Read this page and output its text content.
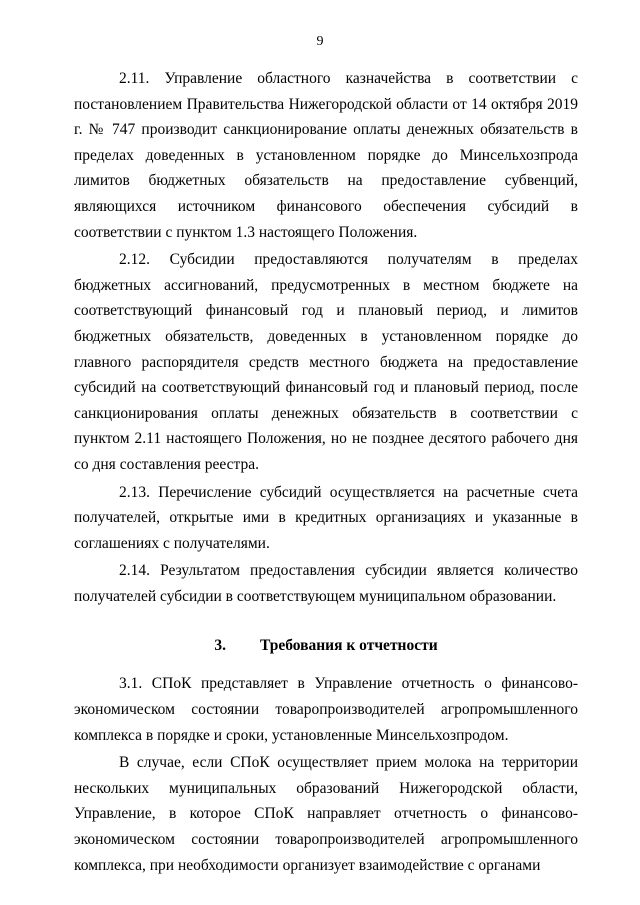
9

2.11. Управление областного казначейства в соответствии с постановлением Правительства Нижегородской области от 14 октября 2019 г. № 747 производит санкционирование оплаты денежных обязательств в пределах доведенных в установленном порядке до Минсельхозпрода лимитов бюджетных обязательств на предоставление субвенций, являющихся источником финансового обеспечения субсидий в соответствии с пунктом 1.3 настоящего Положения.

2.12. Субсидии предоставляются получателям в пределах бюджетных ассигнований, предусмотренных в местном бюджете на соответствующий финансовый год и плановый период, и лимитов бюджетных обязательств, доведенных в установленном порядке до главного распорядителя средств местного бюджета на предоставление субсидий на соответствующий финансовый год и плановый период, после санкционирования оплаты денежных обязательств в соответствии с пунктом 2.11 настоящего Положения, но не позднее десятого рабочего дня со дня составления реестра.

2.13. Перечисление субсидий осуществляется на расчетные счета получателей, открытые ими в кредитных организациях и указанные в соглашениях с получателями.

2.14. Результатом предоставления субсидии является количество получателей субсидии в соответствующем муниципальном образовании.

3. Требования к отчетности

3.1. СПоК представляет в Управление отчетность о финансово-экономическом состоянии товаропроизводителей агропромышленного комплекса в порядке и сроки, установленные Минсельхозпродом.

В случае, если СПоК осуществляет прием молока на территории нескольких муниципальных образований Нижегородской области, Управление, в которое СПоК направляет отчетность о финансово-экономическом состоянии товаропроизводителей агропромышленного комплекса, при необходимости организует взаимодействие с органами
